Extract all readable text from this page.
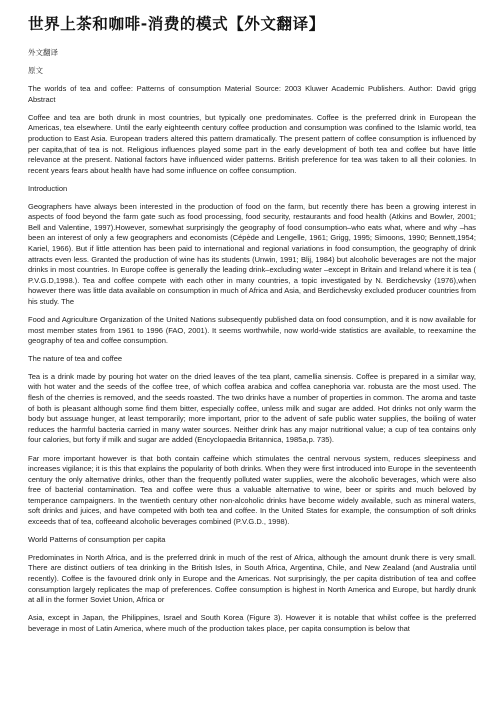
世界上茶和咖啡-消费的模式【外文翻译】

外文翻译

原文

The worlds of tea and coffee: Patterns of consumption Material Source: 2003 Kluwer Academic Publishers. Author: David grigg Abstract

Coffee and tea are both drunk in most countries, but typically one predominates. Coffee is the preferred drink in European the Americas, tea elsewhere. Until the early eighteenth century coffee production and consumption was confined to the Islamic world, tea production to East Asia. European traders altered this pattern dramatically. The present pattern of coffee consumption is influenced by per capita,that of tea is not. Religious influences played some part in the early development of both tea and coffee but have little relevance at the present. National factors have influenced wider patterns. British preference for tea was taken to all their colonies. In recent years fears about health have had some influence on coffee consumption.

Introduction

Geographers have always been interested in the production of food on the farm, but recently there has been a growing interest in aspects of food beyond the farm gate such as food processing, food security, restaurants and food health (Atkins and Bowler, 2001; Bell and Valentine, 1997).However, somewhat surprisingly the geography of food consumption–who eats what, where and why –has been an interest of only a few geographers and economists (Cépède and Lengelle, 1961; Grigg, 1995; Simoons, 1990; Bennett,1954; Kariel, 1966). But if little attention has been paid to international and regional variations in food consumption, the geography of drink attracts even less. Granted the production of wine has its students (Unwin, 1991; Blij, 1984) but alcoholic beverages are not the major drinks in most countries. In Europe coffee is generally the leading drink–excluding water –except in Britain and Ireland where it is tea ( P.V.G.D,1998.). Tea and coffee compete with each other in many countries, a topic investigated by N. Berdichevsky (1976),when however there was little data available on consumption in much of Africa and Asia, and Berdichevsky excluded producer countries from his study. The

Food and Agriculture Organization of the United Nations subsequently published data on food consumption, and it is now available for most member states from 1961 to 1996 (FAO, 2001). It seems worthwhile, now world-wide statistics are available, to reexamine the geography of tea and coffee consumption.

The nature of tea and coffee

Tea is a drink made by pouring hot water on the dried leaves of the tea plant, camellia sinensis. Coffee is prepared in a similar way, with hot water and the seeds of the coffee tree, of which coffea arabica and coffea canephoria var. robusta are the most used. The flesh of the cherries is removed, and the seeds roasted. The two drinks have a number of properties in common. The aroma and taste of both is pleasant although some find them bitter, especially coffee, unless milk and sugar are added. Hot drinks not only warm the body but assuage hunger, at least temporarily; more important, prior to the advent of safe public water supplies, the boiling of water reduces the harmful bacteria carried in many water sources. Neither drink has any major nutritional value; a cup of tea contains only four calories, but forty if milk and sugar are added (Encyclopaedia Britannica, 1985a,p. 735).

Far more important however is that both contain caffeine which stimulates the central nervous system, reduces sleepiness and increases vigilance; it is this that explains the popularity of both drinks. When they were first introduced into Europe in the seventeenth century the only alternative drinks, other than the frequently polluted water supplies, were the alcoholic beverages, which were also free of bacterial contamination. Tea and coffee were thus a valuable alternative to wine, beer or spirits and much beloved by temperance campaigners. In the twentieth century other non-alcoholic drinks have become widely available, such as mineral waters, soft drinks and juices, and have competed with both tea and coffee. In the United States for example, the consumption of soft drinks exceeds that of tea, coffeeand alcoholic beverages combined (P.V.G.D., 1998).

World Patterns of consumption per capita

Predominates in North Africa, and is the preferred drink in much of the rest of Africa, although the amount drunk there is very small. There are distinct outliers of tea drinking in the British Isles, in South Africa, Argentina, Chile, and New Zealand (and Australia until recently). Coffee is the favoured drink only in Europe and the Americas. Not surprisingly, the per capita distribution of tea and coffee consumption largely replicates the map of preferences. Coffee consumption is highest in North America and Europe, but hardly drunk at all in the former Soviet Union, Africa or

Asia, except in Japan, the Philippines, Israel and South Korea (Figure 3). However it is notable that whilst coffee is the preferred beverage in most of Latin America, where much of the production takes place, per capita consumption is below that
